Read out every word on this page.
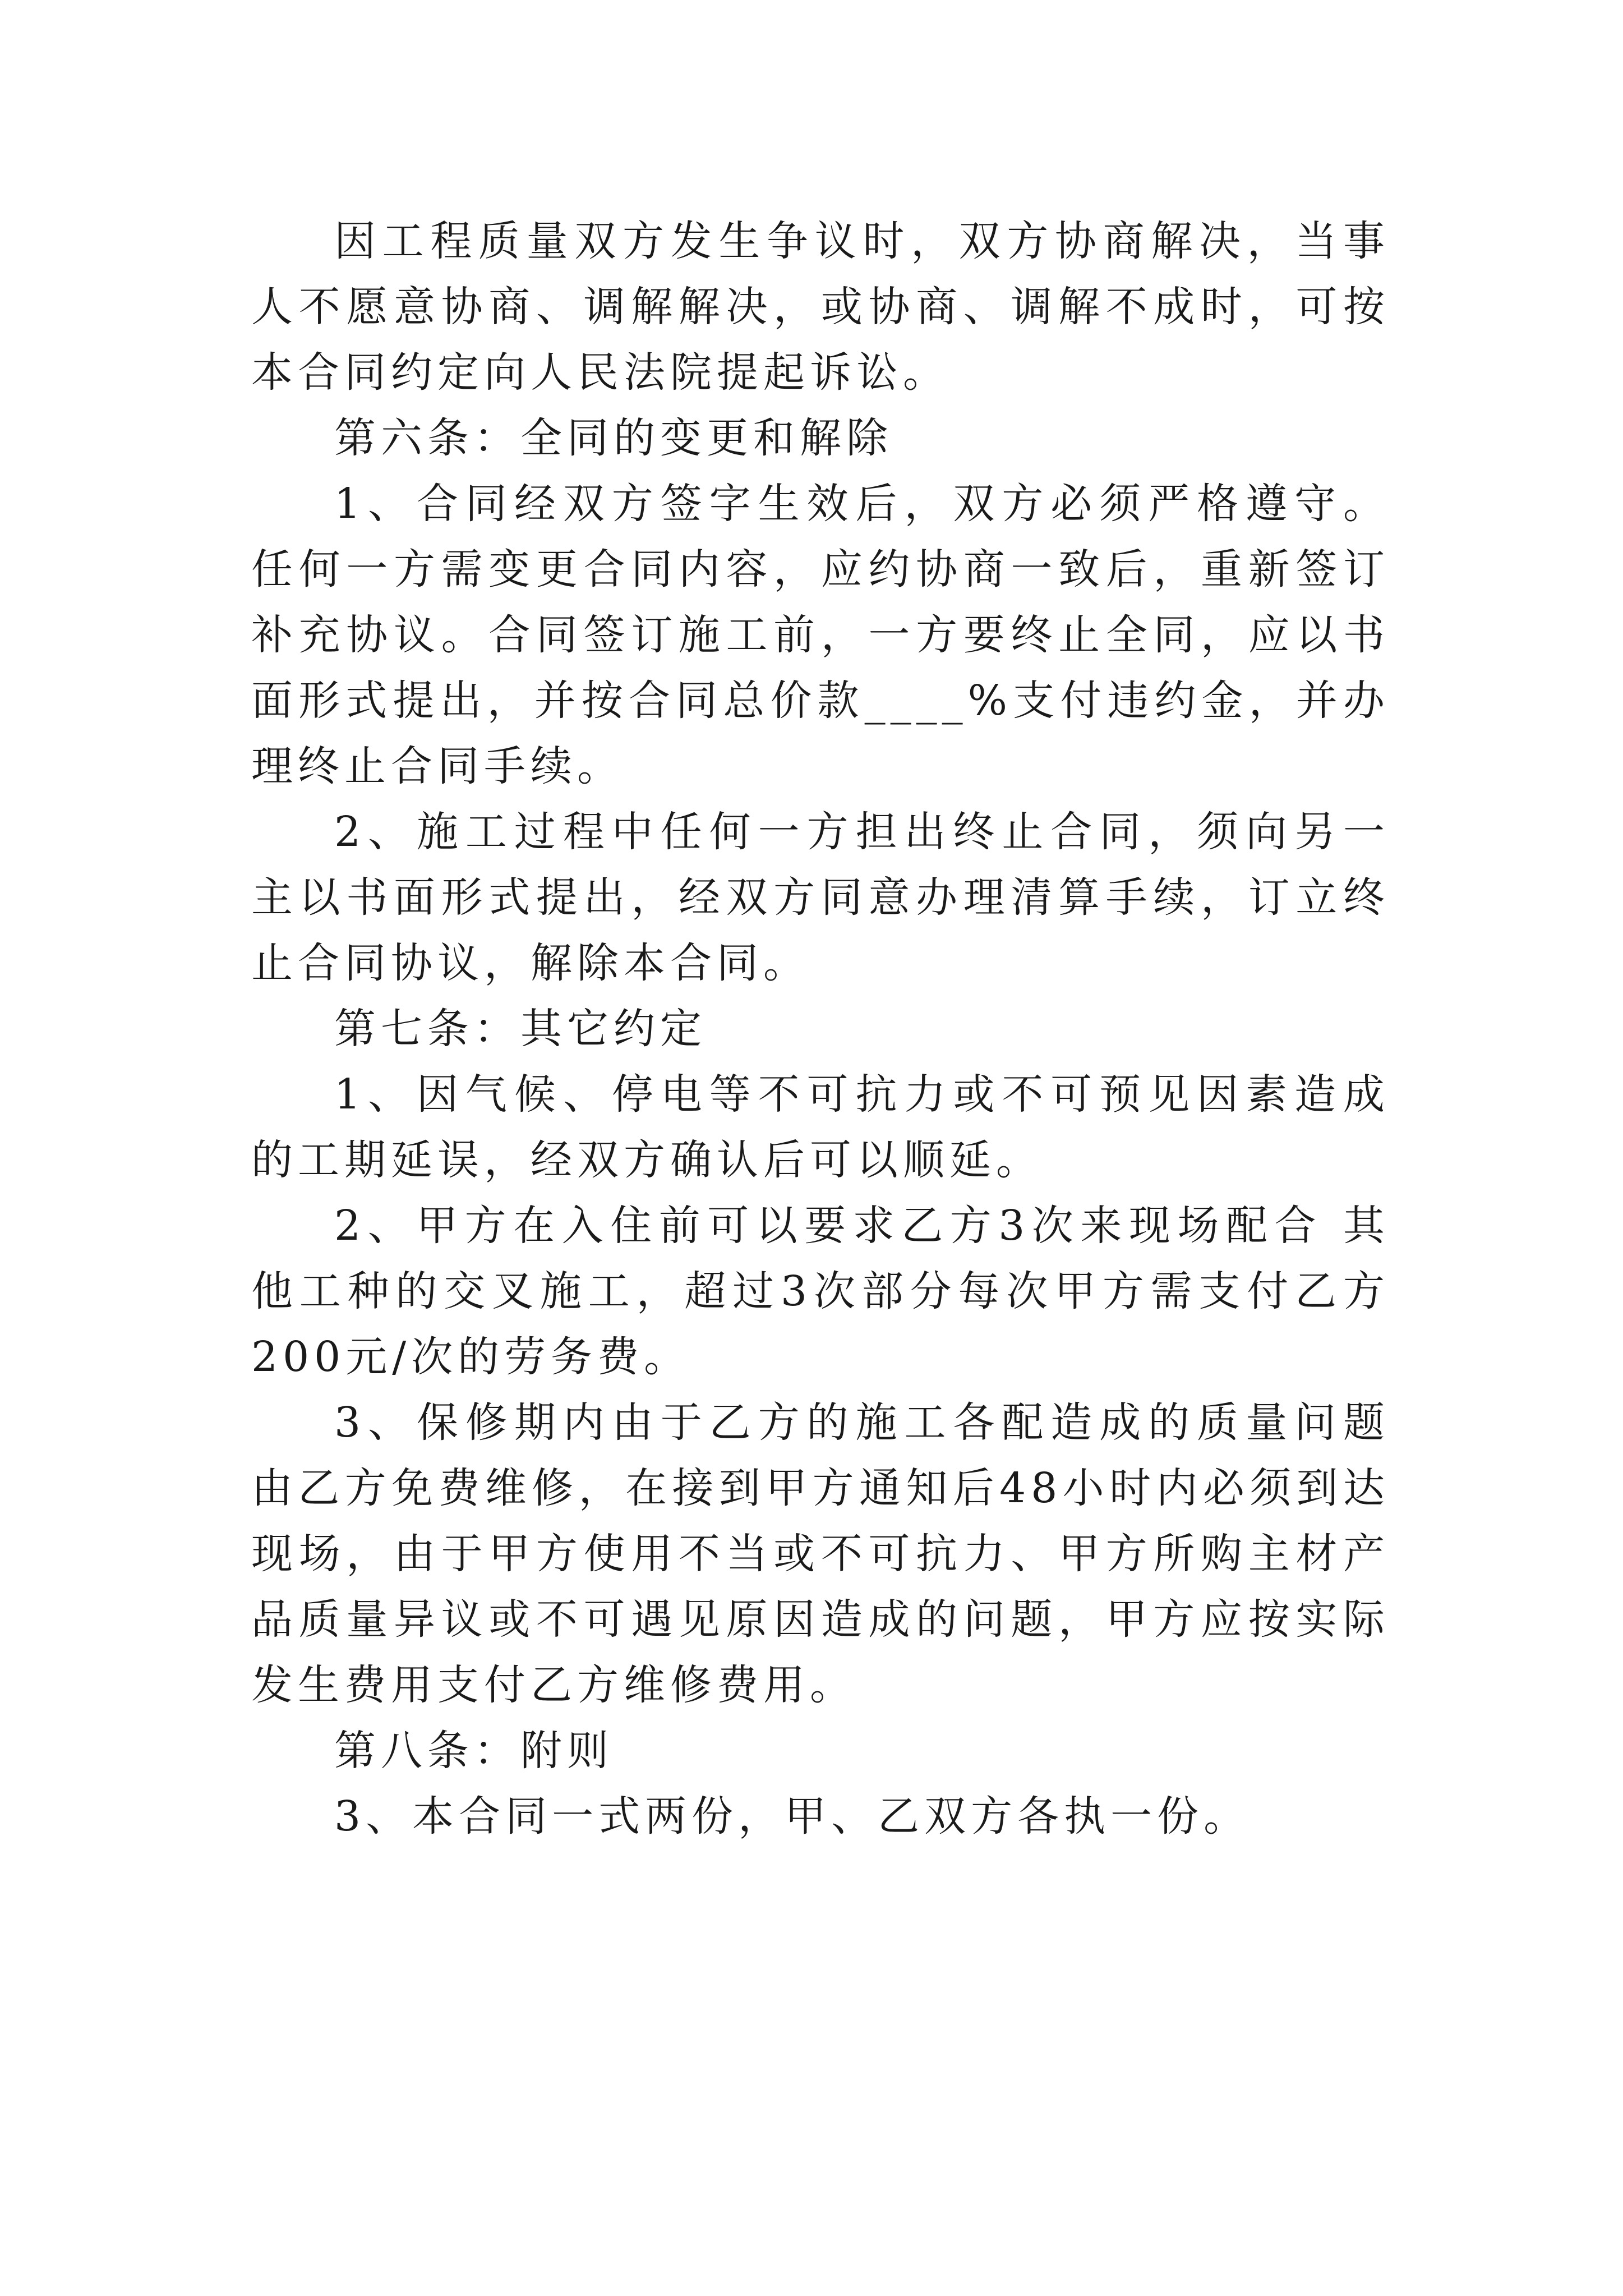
因工程质量双方发生争议时，双方协商解决，当事人不愿意协商、调解解决，或协商、调解不成时，可按本合同约定向人民法院提起诉讼。

第六条：全同的变更和解除

1、合同经双方签字生效后，双方必须严格遵守。任何一方需变更合同内容，应约协商一致后，重新签订补充协议。合同签订施工前，一方要终止全同，应以书面形式提出，并按合同总价款____%支付违约金，并办理终止合同手续。

2、施工过程中任何一方担出终止合同，须向另一主以书面形式提出，经双方同意办理清算手续，订立终止合同协议，解除本合同。

第七条：其它约定

1、因气候、停电等不可抗力或不可预见因素造成的工期延误，经双方确认后可以顺延。

2、甲方在入住前可以要求乙方3次来现场配合 其他工种的交叉施工，超过3次部分每次甲方需支付乙方200元/次的劳务费。

3、保修期内由于乙方的施工各配造成的质量问题由乙方免费维修，在接到甲方通知后48小时内必须到达现场，由于甲方使用不当或不可抗力、甲方所购主材产品质量异议或不可遇见原因造成的问题，甲方应按实际发生费用支付乙方维修费用。

第八条：附则

3、本合同一式两份，甲、乙双方各执一份。
